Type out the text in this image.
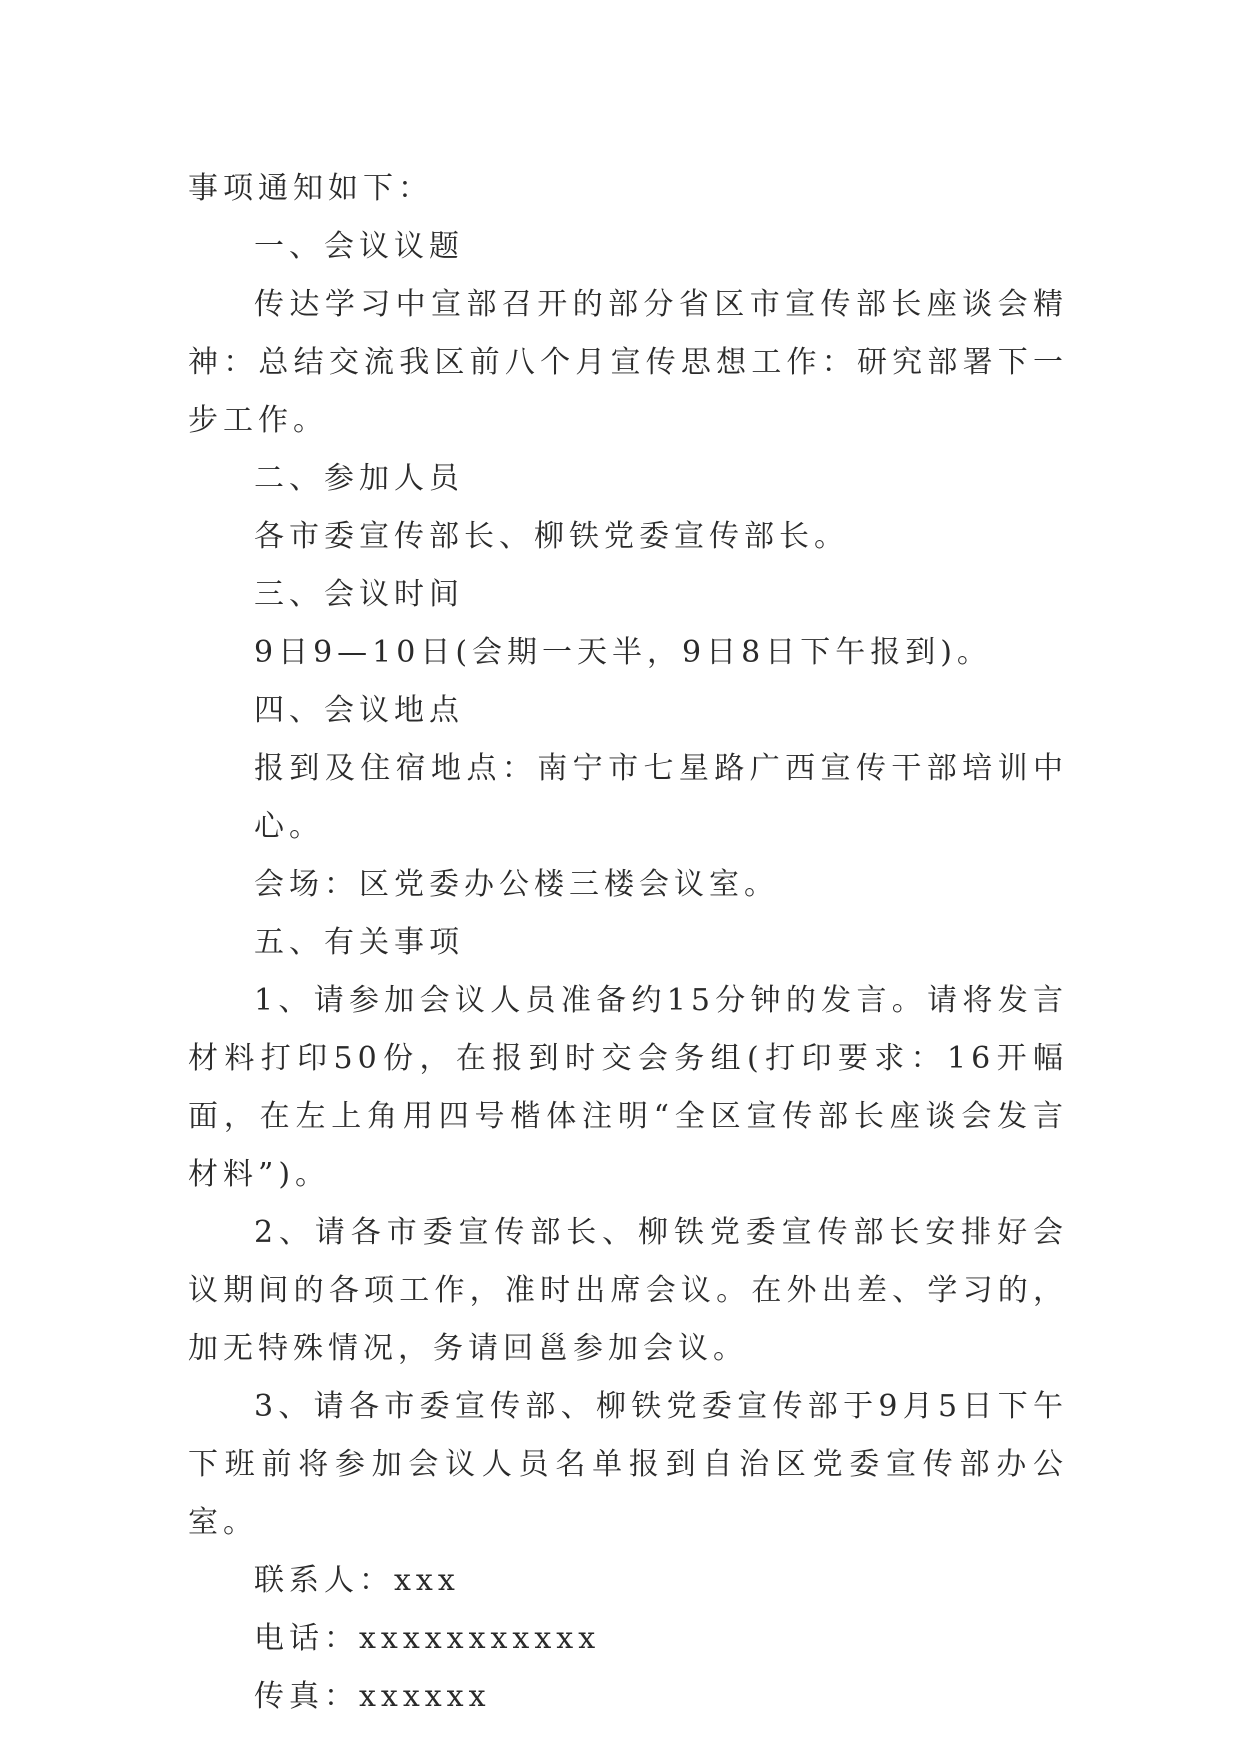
事项通知如下：

一、会议议题

传达学习中宣部召开的部分省区市宣传部长座谈会精神：总结交流我区前八个月宣传思想工作：研究部署下一步工作。

二、参加人员

各市委宣传部长、柳铁党委宣传部长。

三、会议时间

9日9—10日(会期一天半，9日8日下午报到)。

四、会议地点

报到及住宿地点：南宁市七星路广西宣传干部培训中心。

会场：区党委办公楼三楼会议室。

五、有关事项

1、请参加会议人员准备约15分钟的发言。请将发言材料打印50份，在报到时交会务组(打印要求：16开幅面，在左上角用四号楷体注明“全区宣传部长座谈会发言材料”)。

2、请各市委宣传部长、柳铁党委宣传部长安排好会议期间的各项工作，准时出席会议。在外出差、学习的，加无特殊情况，务请回邕参加会议。

3、请各市委宣传部、柳铁党委宣传部于9月5日下午下班前将参加会议人员名单报到自治区党委宣传部办公室。

联系人：xxx

电话：xxxxxxxxxxx

传真：xxxxxx
